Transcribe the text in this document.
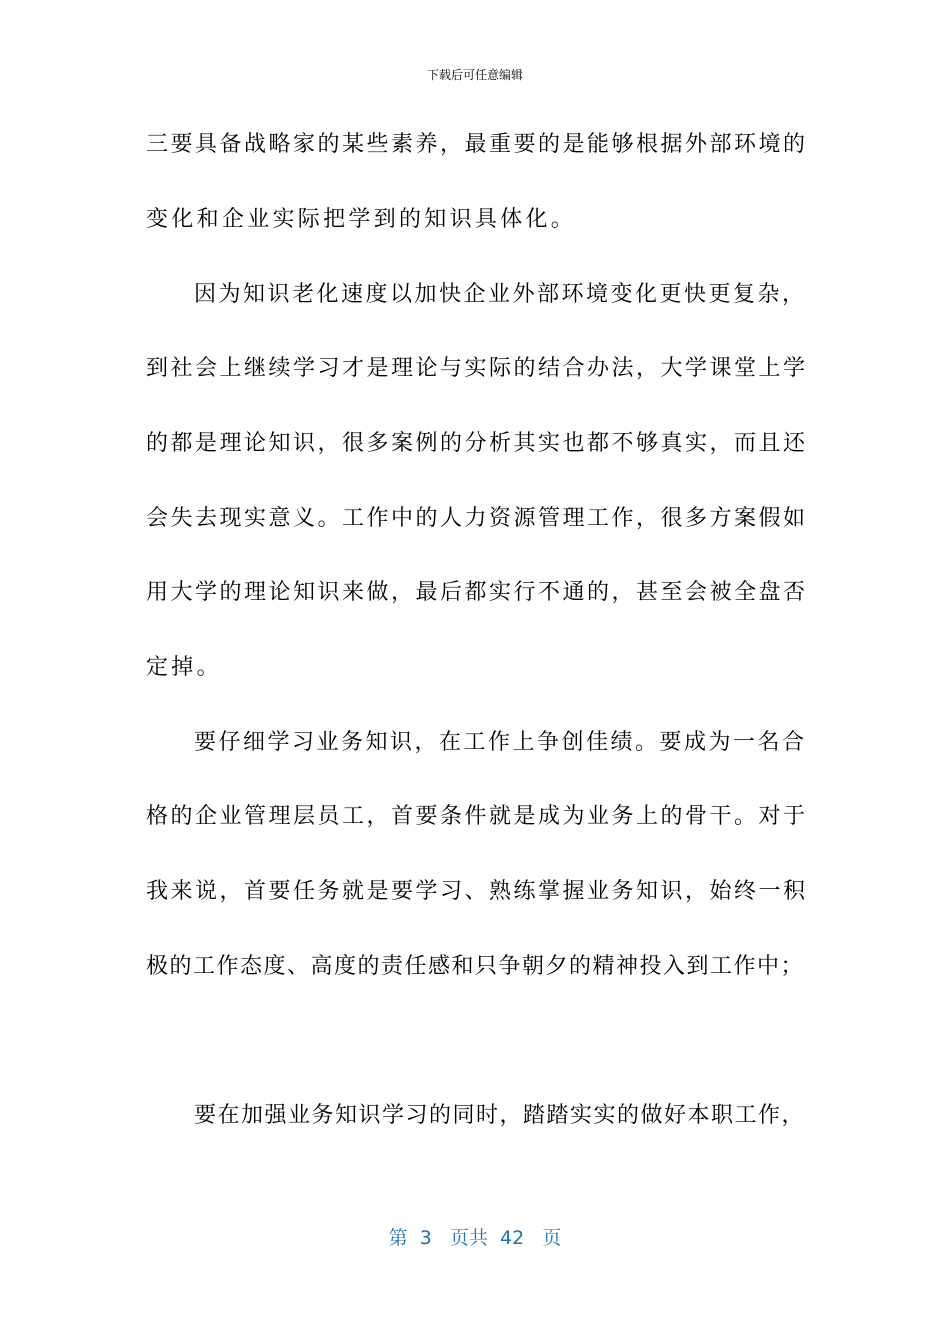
下载后可任意编辑
三要具备战略家的某些素养，最重要的是能够根据外部环境的
变化和企业实际把学到的知识具体化。
因为知识老化速度以加快企业外部环境变化更快更复杂，
到社会上继续学习才是理论与实际的结合办法，大学课堂上学
的都是理论知识，很多案例的分析其实也都不够真实，而且还
会失去现实意义。工作中的人力资源管理工作，很多方案假如
用大学的理论知识来做，最后都实行不通的，甚至会被全盘否
定掉。
要仔细学习业务知识，在工作上争创佳绩。要成为一名合
格的企业管理层员工，首要条件就是成为业务上的骨干。对于
我来说，首要任务就是要学习、熟练掌握业务知识，始终一积
极的工作态度、高度的责任感和只争朝夕的精神投入到工作中；
要在加强业务知识学习的同时，踏踏实实的做好本职工作，
第  3   页共  42   页
